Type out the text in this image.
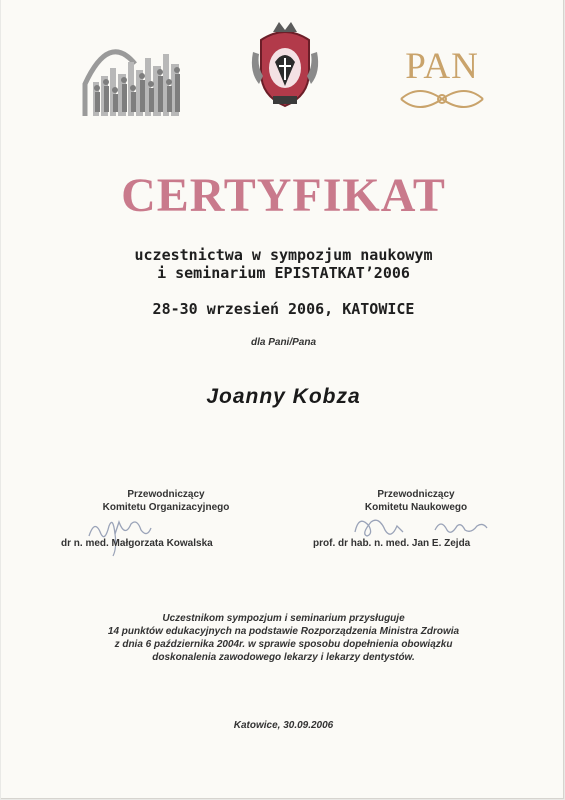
PAN
CERTYFIKAT
uczestnictwa w sympozjum naukowym
i seminarium EPISTATKAT’2006
28-30 wrzesień 2006, KATOWICE
dla Pani/Pana
Joanny Kobza
Przewodniczący
Komitetu Organizacyjnego
dr n. med. Małgorzata Kowalska
Przewodniczący
Komitetu Naukowego
prof. dr hab. n. med. Jan E. Zejda
Uczestnikom sympozjum i seminarium przysługuje
14 punktów edukacyjnych na podstawie Rozporządzenia Ministra Zdrowia
z dnia 6 października 2004r. w sprawie sposobu dopełnienia obowiązku
doskonalenia zawodowego lekarzy i lekarzy dentystów.
Katowice, 30.09.2006
